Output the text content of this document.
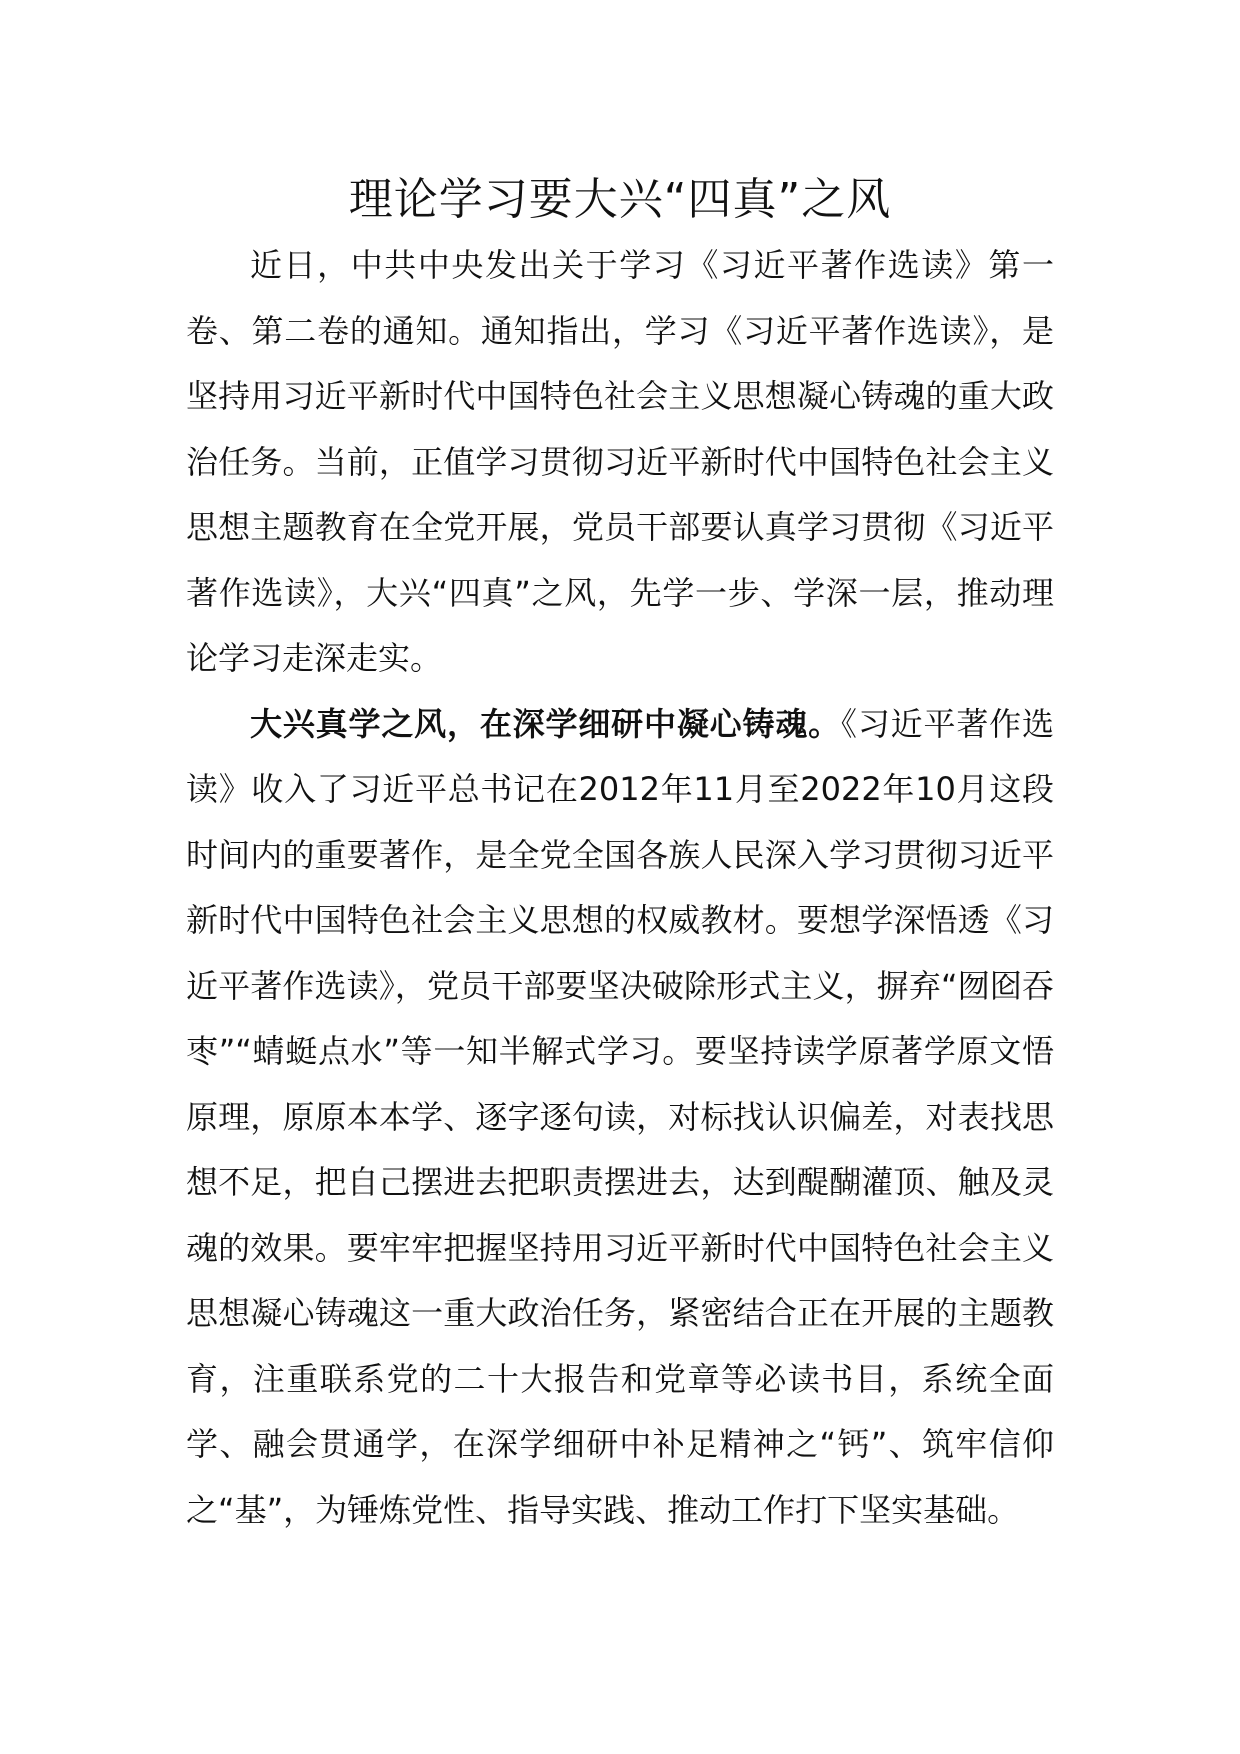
理论学习要大兴“四真”之风

近日，中共中央发出关于学习《习近平著作选读》第一卷、第二卷的通知。通知指出，学习《习近平著作选读》，是坚持用习近平新时代中国特色社会主义思想凝心铸魂的重大政治任务。当前，正值学习贯彻习近平新时代中国特色社会主义思想主题教育在全党开展，党员干部要认真学习贯彻《习近平著作选读》，大兴“四真”之风，先学一步、学深一层，推动理论学习走深走实。

大兴真学之风，在深学细研中凝心铸魂。《习近平著作选读》收入了习近平总书记在2012年11月至2022年10月这段时间内的重要著作，是全党全国各族人民深入学习贯彻习近平新时代中国特色社会主义思想的权威教材。要想学深悟透《习近平著作选读》，党员干部要坚决破除形式主义，摒弃“囫囵吞枣”“蜻蜓点水”等一知半解式学习。要坚持读学原著学原文悟原理，原原本本学、逐字逐句读，对标找认识偏差，对表找思想不足，把自己摆进去把职责摆进去，达到醍醐灌顶、触及灵魂的效果。要牢牢把握坚持用习近平新时代中国特色社会主义思想凝心铸魂这一重大政治任务，紧密结合正在开展的主题教育，注重联系党的二十大报告和党章等必读书目，系统全面学、融会贯通学，在深学细研中补足精神之“钙”、筑牢信仰之“基”，为锤炼党性、指导实践、推动工作打下坚实基础。
